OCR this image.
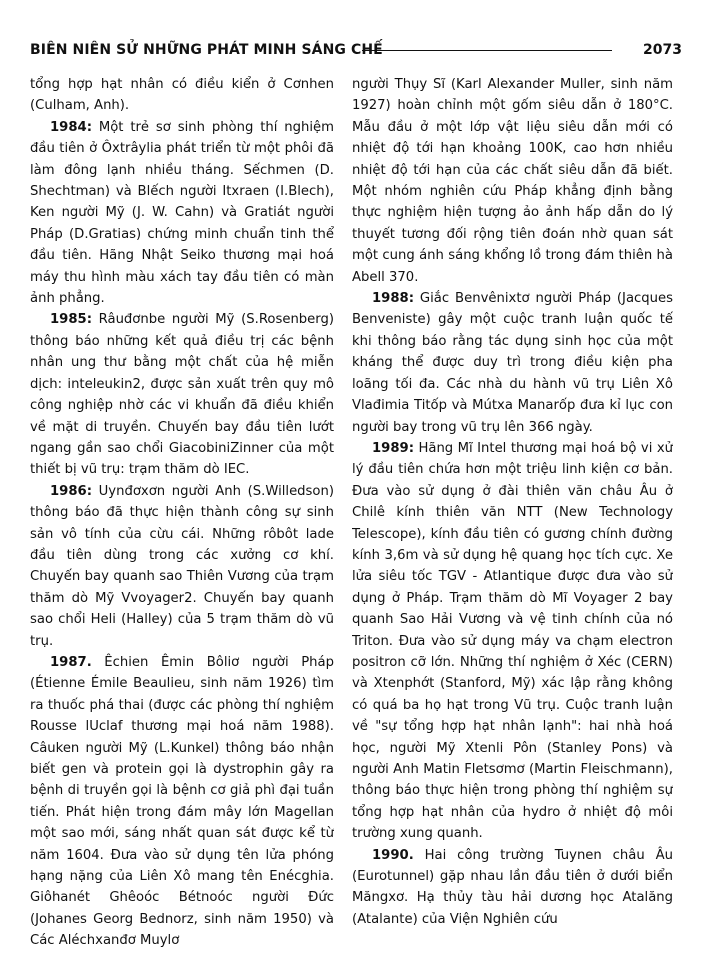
BIÊN NIÊN SỬ NHỮNG PHÁT MINH SÁNG CHẾ	2073

tổng hợp hạt nhân có điều kiển ở Cơnhen (Culham, Anh).

1984: Một trẻ sơ sinh phòng thí nghiệm đầu tiên ở Ôxtrâylia phát triển từ một phôi đã làm đông lạnh nhiều tháng. Sếchmen (D. Shechtman) và Blếch người Itxraen (I.Blech), Ken người Mỹ (J. W. Cahn) và Gratiát người Pháp (D.Gratias) chứng minh chuẩn tinh thể đầu tiên. Hãng Nhật Seiko thương mại hoá máy thu hình màu xách tay đầu tiên có màn ảnh phẳng.

1985: Râuđơnbe người Mỹ (S.Rosenberg) thông báo những kết quả điều trị các bệnh nhân ung thư bằng một chất của hệ miễn dịch: inteleukin2, được sản xuất trên quy mô công nghiệp nhờ các vi khuẩn đã điều khiển về mặt di truyền. Chuyến bay đầu tiên lướt ngang gần sao chổi GiacobiniZinner của một thiết bị vũ trụ: trạm thăm dò IEC.

1986: Uynđơxơn người Anh (S.Willedson) thông báo đã thực hiện thành công sự sinh sản vô tính của cừu cái. Những rôbôt lade đầu tiên dùng trong các xưởng cơ khí. Chuyến bay quanh sao Thiên Vương của trạm thăm dò Mỹ Vvoyager2. Chuyến bay quanh sao chổi Heli (Halley) của 5 trạm thăm dò vũ trụ.

1987. Êchien Êmin Bôliơ người Pháp (Étienne Émile Beaulieu, sinh năm 1926) tìm ra thuốc phá thai (được các phòng thí nghiệm Rousse lUclaf thương mại hoá năm 1988). Câuken người Mỹ (L.Kunkel) thông báo nhận biết gen và protein gọi là dystrophin gây ra bệnh di truyền gọi là bệnh cơ giả phì đại tuần tiến. Phát hiện trong đám mây lớn Magellan một sao mới, sáng nhất quan sát được kể từ năm 1604. Đưa vào sử dụng tên lửa phóng hạng nặng của Liên Xô mang tên Enécghia. Giôhanét Ghêoóc Bétnoóc người Đức (Johanes Georg Bednorz, sinh năm 1950) và Các Aléchxanđơ Muylơ

người Thụy Sĩ (Karl Alexander Muller, sinh năm 1927) hoàn chỉnh một gốm siêu dẫn ở 180°C. Mẫu đầu ở một lớp vật liệu siêu dẫn mới có nhiệt độ tới hạn khoảng 100K, cao hơn nhiều nhiệt độ tới hạn của các chất siêu dẫn đã biết. Một nhóm nghiên cứu Pháp khẳng định bằng thực nghiệm hiện tượng ảo ảnh hấp dẫn do lý thuyết tương đối rộng tiên đoán nhờ quan sát một cung ánh sáng khổng lồ trong đám thiên hà Abell 370.

1988: Giắc Benvênixtơ người Pháp (Jacques Benveniste) gây một cuộc tranh luận quốc tế khi thông báo rằng tác dụng sinh học của một kháng thể được duy trì trong điều kiện pha loãng tối đa. Các nhà du hành vũ trụ Liên Xô Vlađimia Titốp và Mútxa Manarốp đưa kỉ lục con người bay trong vũ trụ lên 366 ngày.

1989: Hãng Mĩ Intel thương mại hoá bộ vi xử lý đầu tiên chứa hơn một triệu linh kiện cơ bản. Đưa vào sử dụng ở đài thiên văn châu Âu ở Chilê kính thiên văn NTT (New Technology Telescope), kính đầu tiên có gương chính đường kính 3,6m và sử dụng hệ quang học tích cực. Xe lửa siêu tốc TGV - Atlantique được đưa vào sử dụng ở Pháp. Trạm thăm dò Mĩ Voyager 2 bay quanh Sao Hải Vương và vệ tinh chính của nó Triton. Đưa vào sử dụng máy va chạm electron positron cỡ lớn. Những thí nghiệm ở Xéc (CERN) và Xtenphớt (Stanford, Mỹ) xác lập rằng không có quá ba họ hạt trong Vũ trụ. Cuộc tranh luận về "sự tổng hợp hạt nhân lạnh": hai nhà hoá học, người Mỹ Xtenli Pôn (Stanley Pons) và người Anh Matin Fletsơmơ (Martin Fleischmann), thông báo thực hiện trong phòng thí nghiệm sự tổng hợp hạt nhân của hydro ở nhiệt độ môi trường xung quanh.

1990. Hai công trường Tuynen châu Âu (Eurotunnel) gặp nhau lần đầu tiên ở dưới biển Măngxơ. Hạ thủy tàu hải dương học Atalăng (Atalante) của Viện Nghiên cứu
